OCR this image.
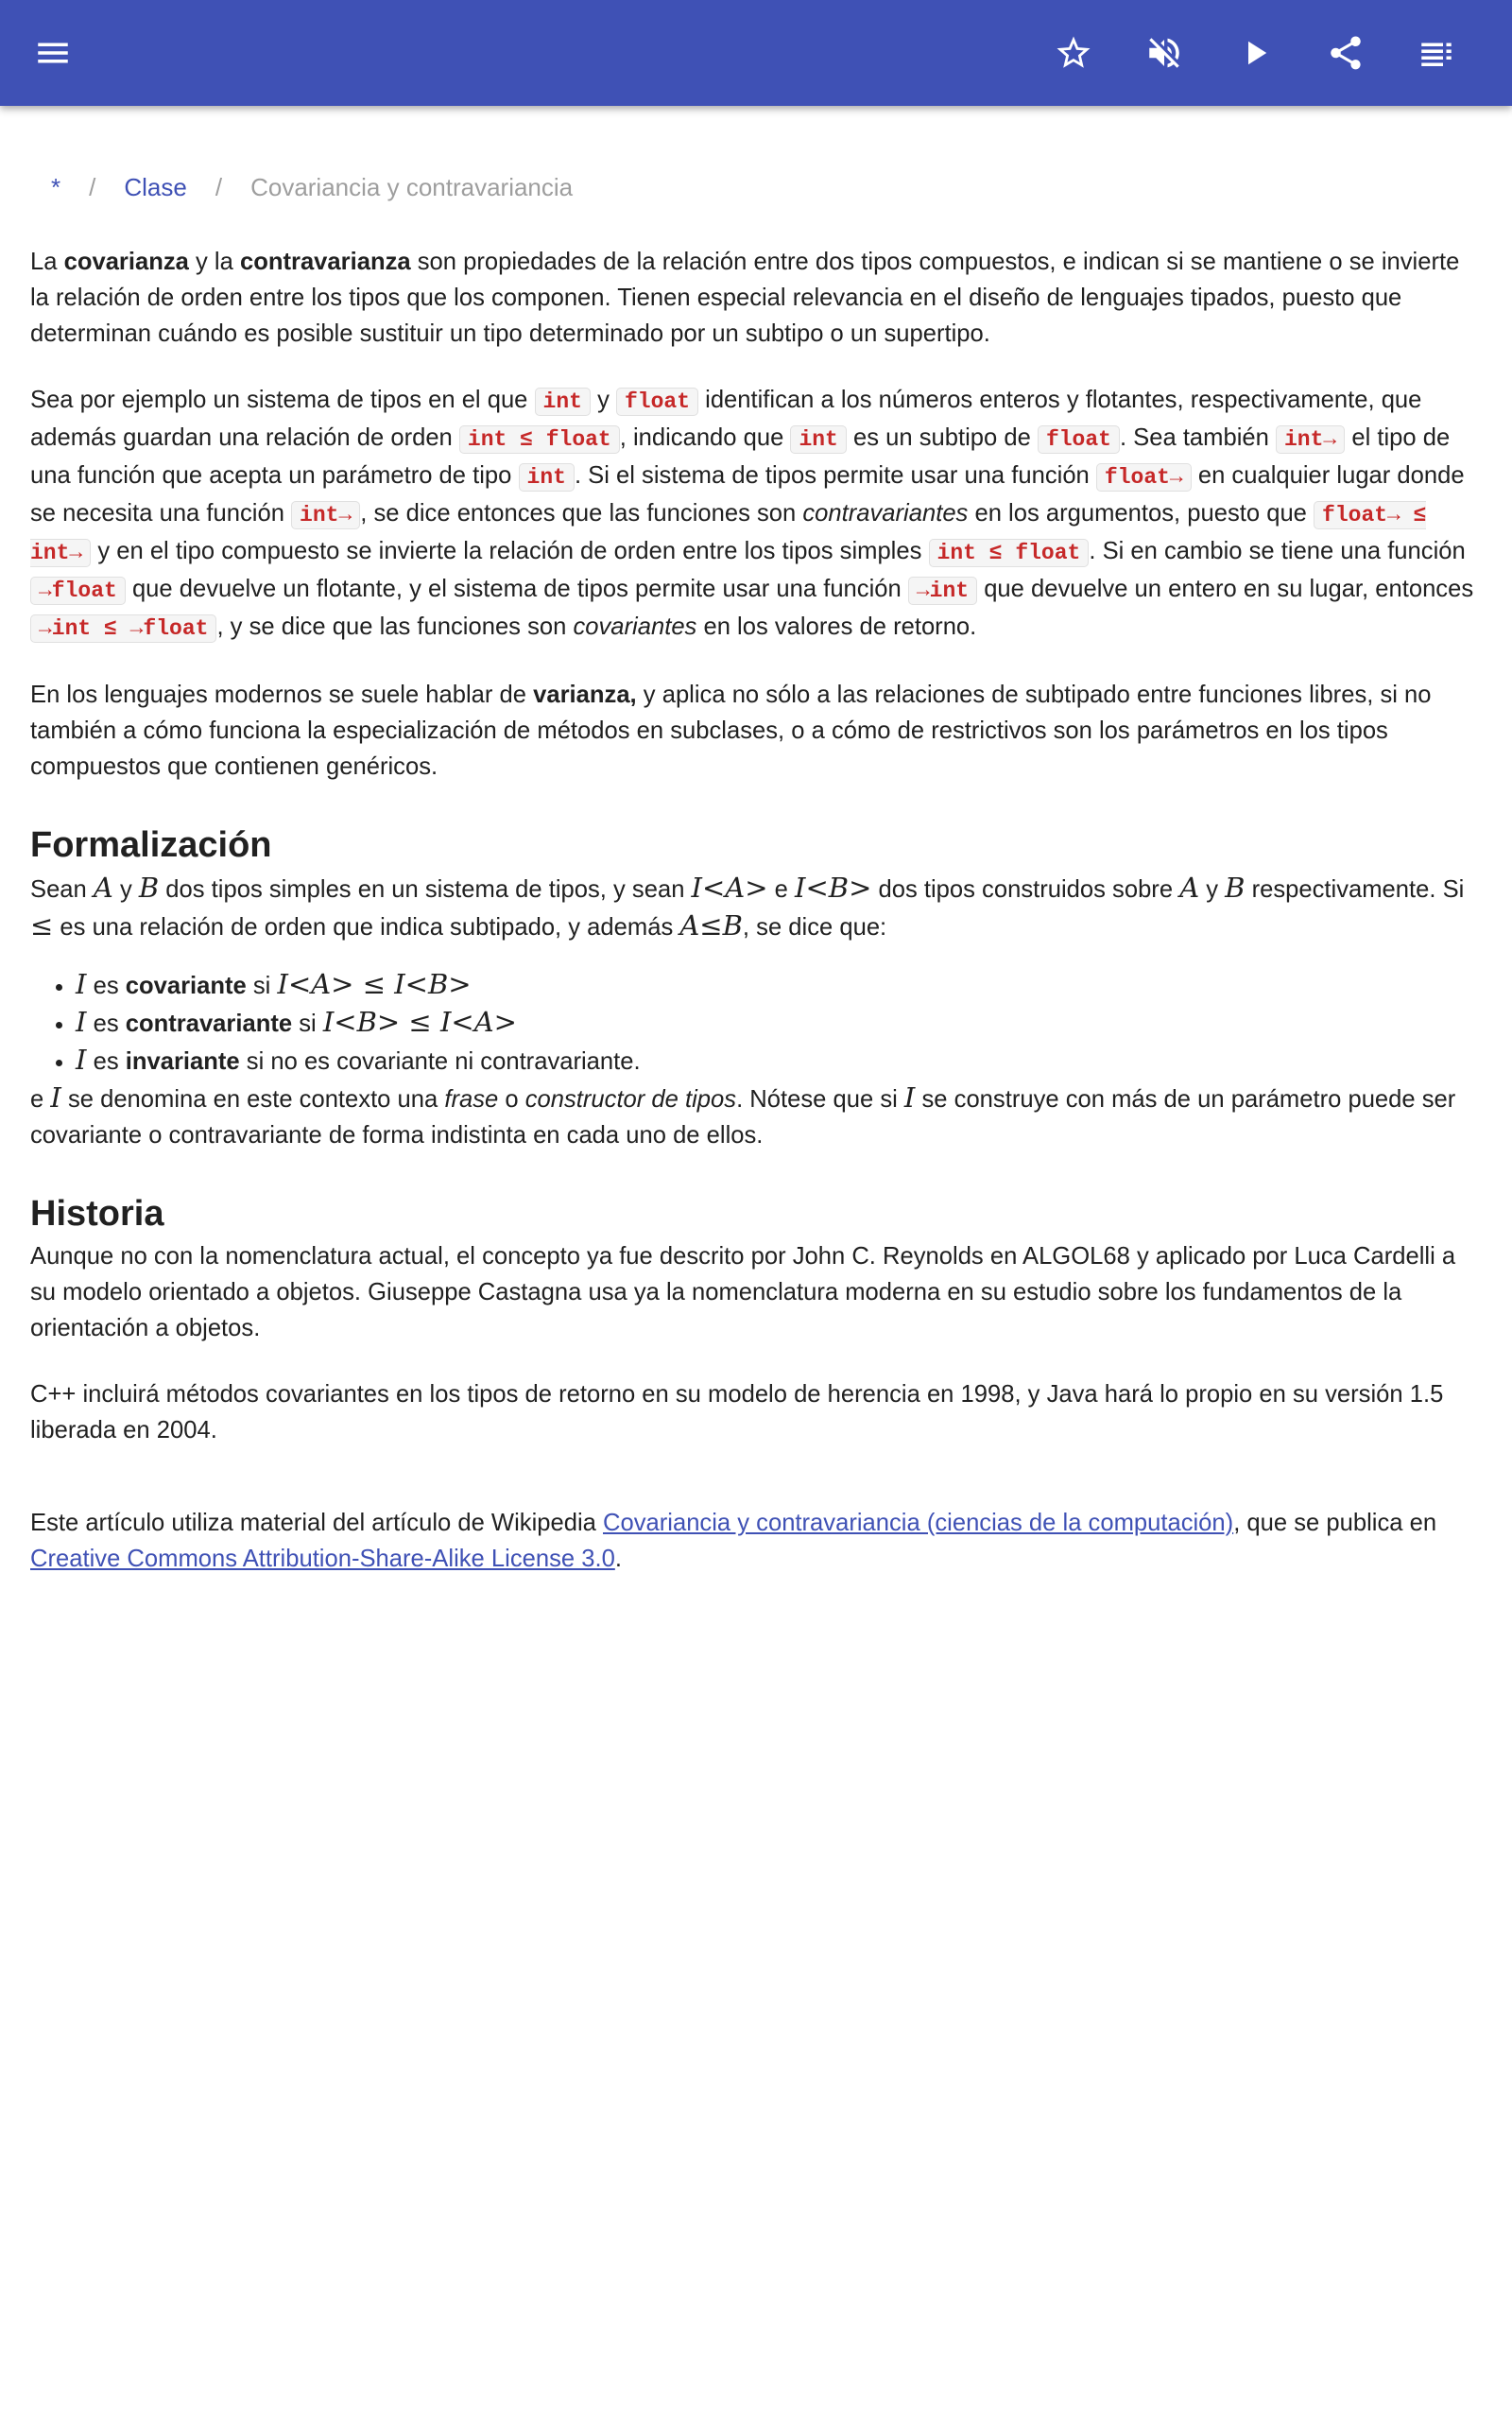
* / Clase / Covariancia y contravariancia

La covarianza y la contravarianza son propiedades de la relación entre dos tipos compuestos, e indican si se mantiene o se invierte la relación de orden entre los tipos que los componen. Tienen especial relevancia en el diseño de lenguajes tipados, puesto que determinan cuándo es posible sustituir un tipo determinado por un subtipo o un supertipo.

Sea por ejemplo un sistema de tipos en el que int y float identifican a los números enteros y flotantes, respectivamente, que además guardan una relación de orden int ≤ float , indicando que int es un subtipo de float . Sea también int→ el tipo de una función que acepta un parámetro de tipo int . Si el sistema de tipos permite usar una función float→ en cualquier lugar donde se necesita una función int→ , se dice entonces que las funciones son contravariantes en los argumentos, puesto que float→ ≤ int→ y en el tipo compuesto se invierte la relación de orden entre los tipos simples int ≤ float . Si en cambio se tiene una función →float que devuelve un flotante, y el sistema de tipos permite usar una función →int que devuelve un entero en su lugar, entonces →int ≤ →float , y se dice que las funciones son covariantes en los valores de retorno.

En los lenguajes modernos se suele hablar de varianza, y aplica no sólo a las relaciones de subtipado entre funciones libres, si no también a cómo funciona la especialización de métodos en subclases, o a cómo de restrictivos son los parámetros en los tipos compuestos que contienen genéricos.

Formalización
Sean A y B dos tipos simples en un sistema de tipos, y sean I<A> e I<B> dos tipos construidos sobre A y B respectivamente. Si ≤ es una relación de orden que indica subtipado, y además A≤B, se dice que:
• I es covariante si I<A> ≤ I<B>
• I es contravariante si I<B> ≤ I<A>
• I es invariante si no es covariante ni contravariante.
e I se denomina en este contexto una frase o constructor de tipos. Nótese que si I se construye con más de un parámetro puede ser covariante o contravariante de forma indistinta en cada uno de ellos.
Historia

Aunque no con la nomenclatura actual, el concepto ya fue descrito por John C. Reynolds en ALGOL68 y aplicado por Luca Cardelli a su modelo orientado a objetos. Giuseppe Castagna usa ya la nomenclatura moderna en su estudio sobre los fundamentos de la orientación a objetos.

C++ incluirá métodos covariantes en los tipos de retorno en su modelo de herencia en 1998, y Java hará lo propio en su versión 1.5 liberada en 2004.

Este artículo utiliza material del artículo de Wikipedia Covariancia y contravariancia (ciencias de la computación), que se publica en Creative Commons Attribution-Share-Alike License 3.0.
